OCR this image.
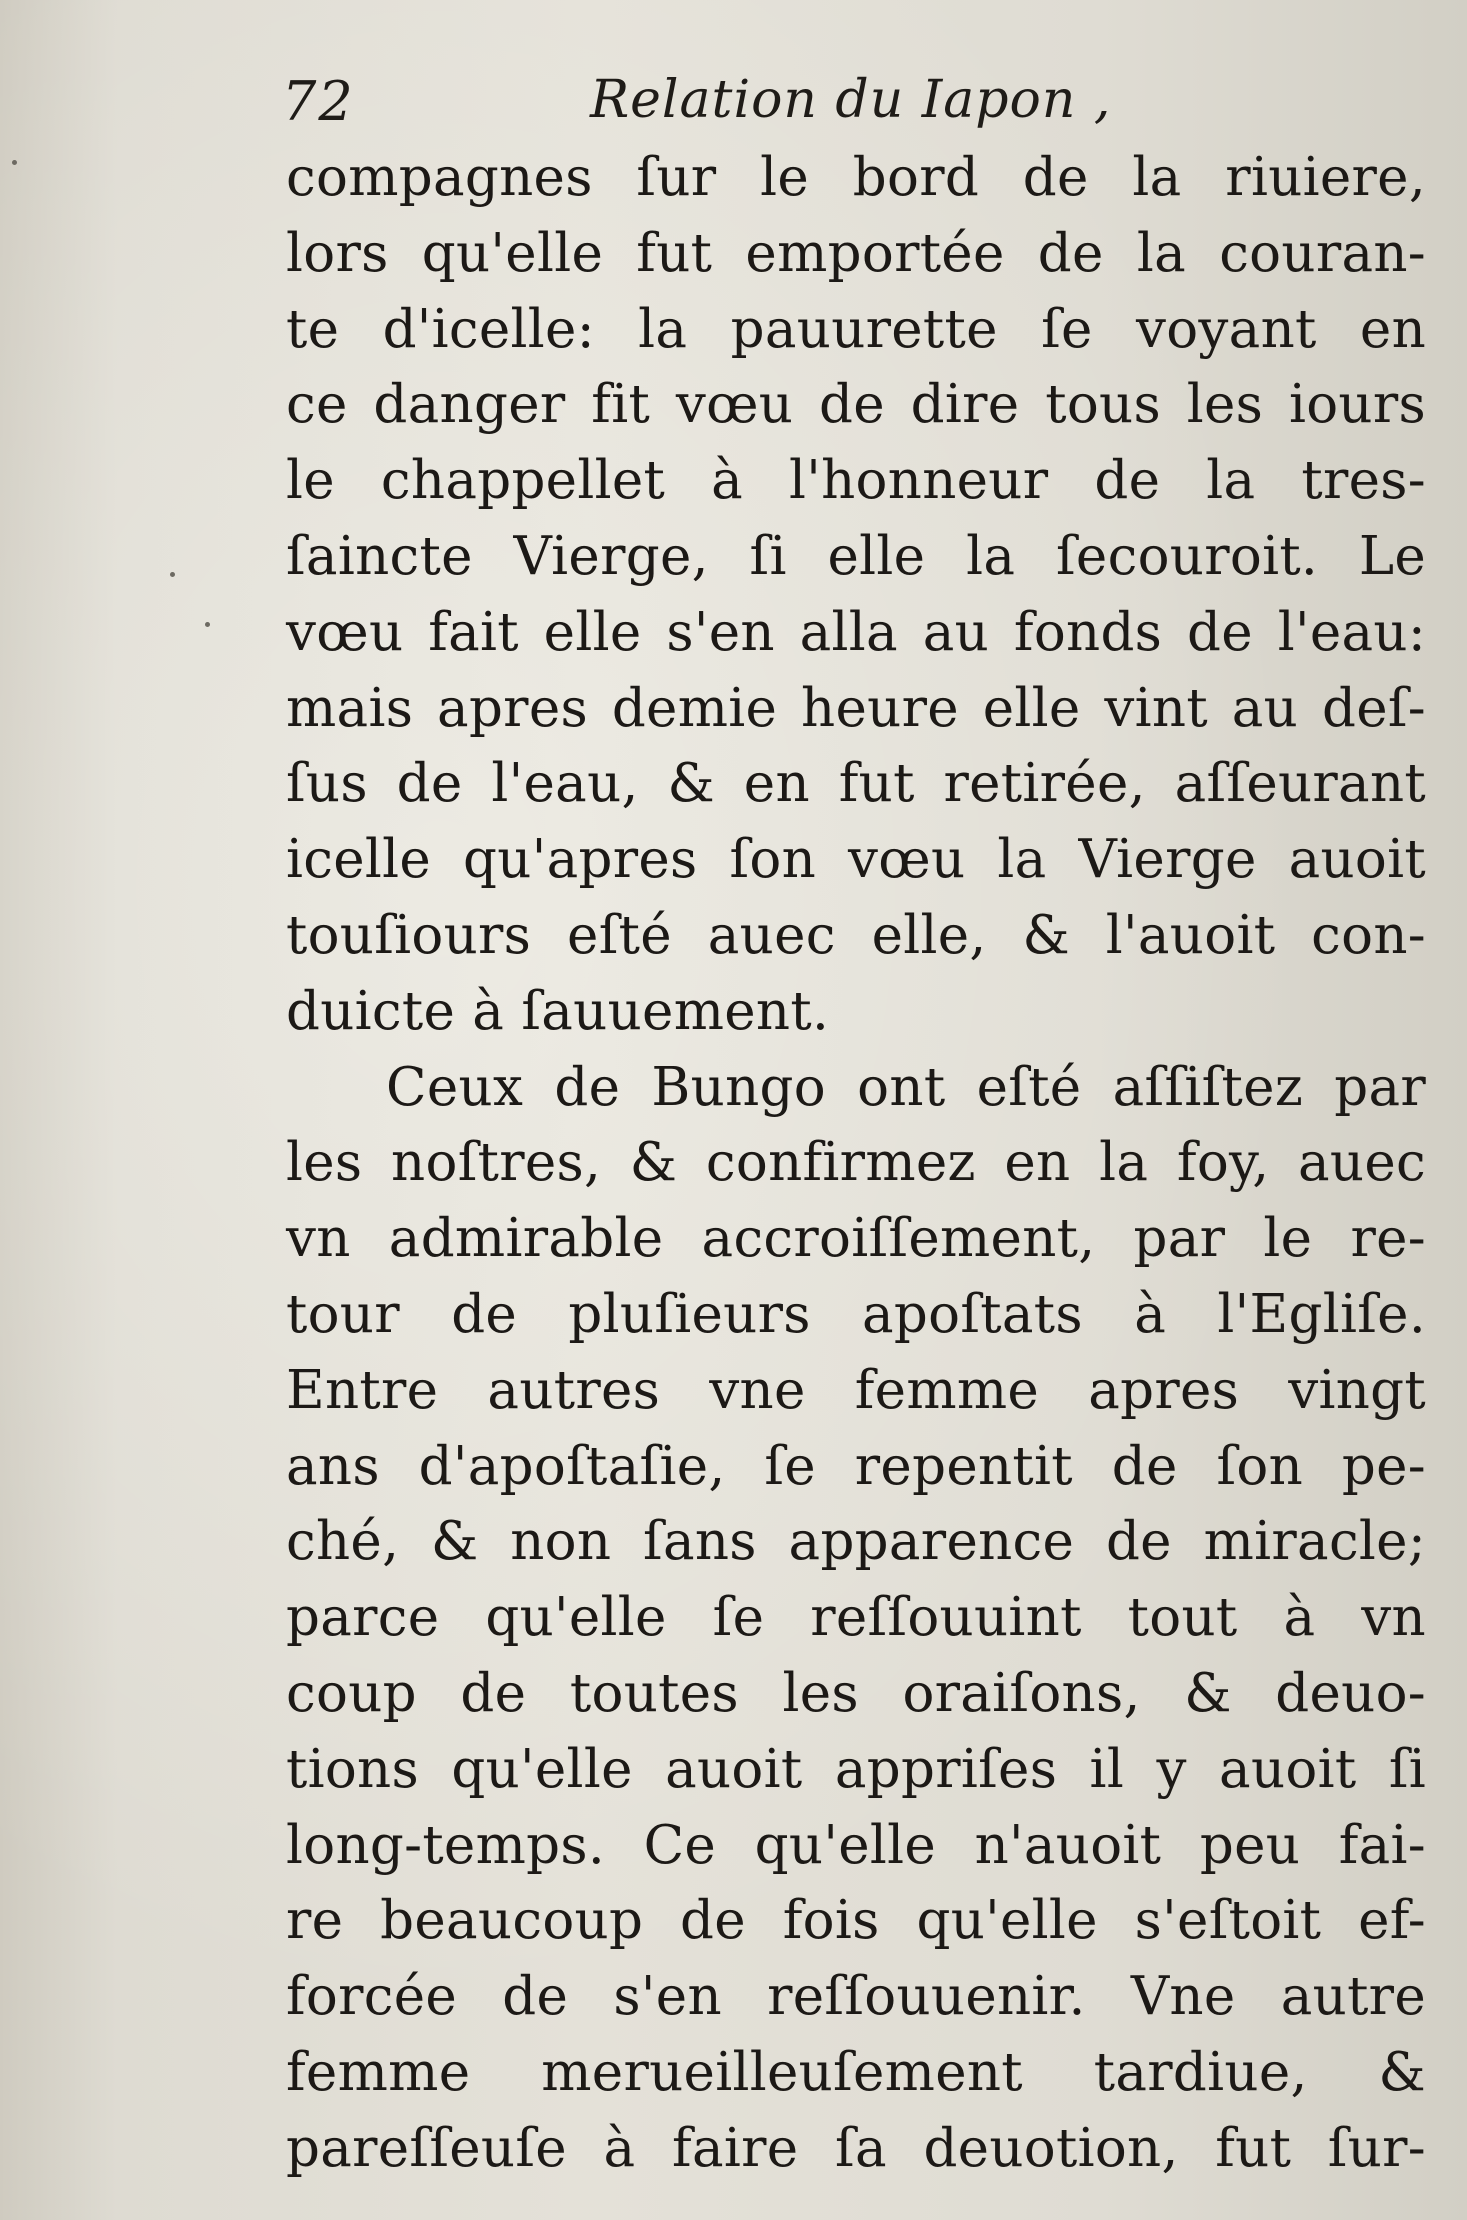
72	Relation du Iapon ,
compagnes ſur le bord de la riuiere,
lors qu'elle fut emportée de la couran-
te d'icelle: la pauurette ſe voyant en
ce danger fit vœu de dire tous les iours
le chappellet à l'honneur de la tres-
ſaincte Vierge, ſi elle la ſecouroit. Le
vœu fait elle s'en alla au fonds de l'eau:
mais apres demie heure elle vint au deſ-
ſus de l'eau, & en fut retirée, aſſeurant
icelle qu'apres ſon vœu la Vierge auoit
touſiours eſté auec elle, & l'auoit con-
duicte à ſauuement.
Ceux de Bungo ont eſté aſſiſtez par
les noſtres, & confirmez en la foy, auec
vn admirable accroiſſement, par le re-
tour de pluſieurs apoſtats à l'Egliſe.
Entre autres vne femme apres vingt
ans d'apoſtaſie, ſe repentit de ſon pe-
ché, & non ſans apparence de miracle;
parce qu'elle ſe reſſouuint tout à vn
coup de toutes les oraiſons, & deuo-
tions qu'elle auoit appriſes il y auoit ſi
long-temps. Ce qu'elle n'auoit peu fai-
re beaucoup de fois qu'elle s'eſtoit ef-
forcée de s'en reſſouuenir. Vne autre
femme merueilleuſement tardiue, &
pareſſeuſe à faire ſa deuotion, fut ſur-
